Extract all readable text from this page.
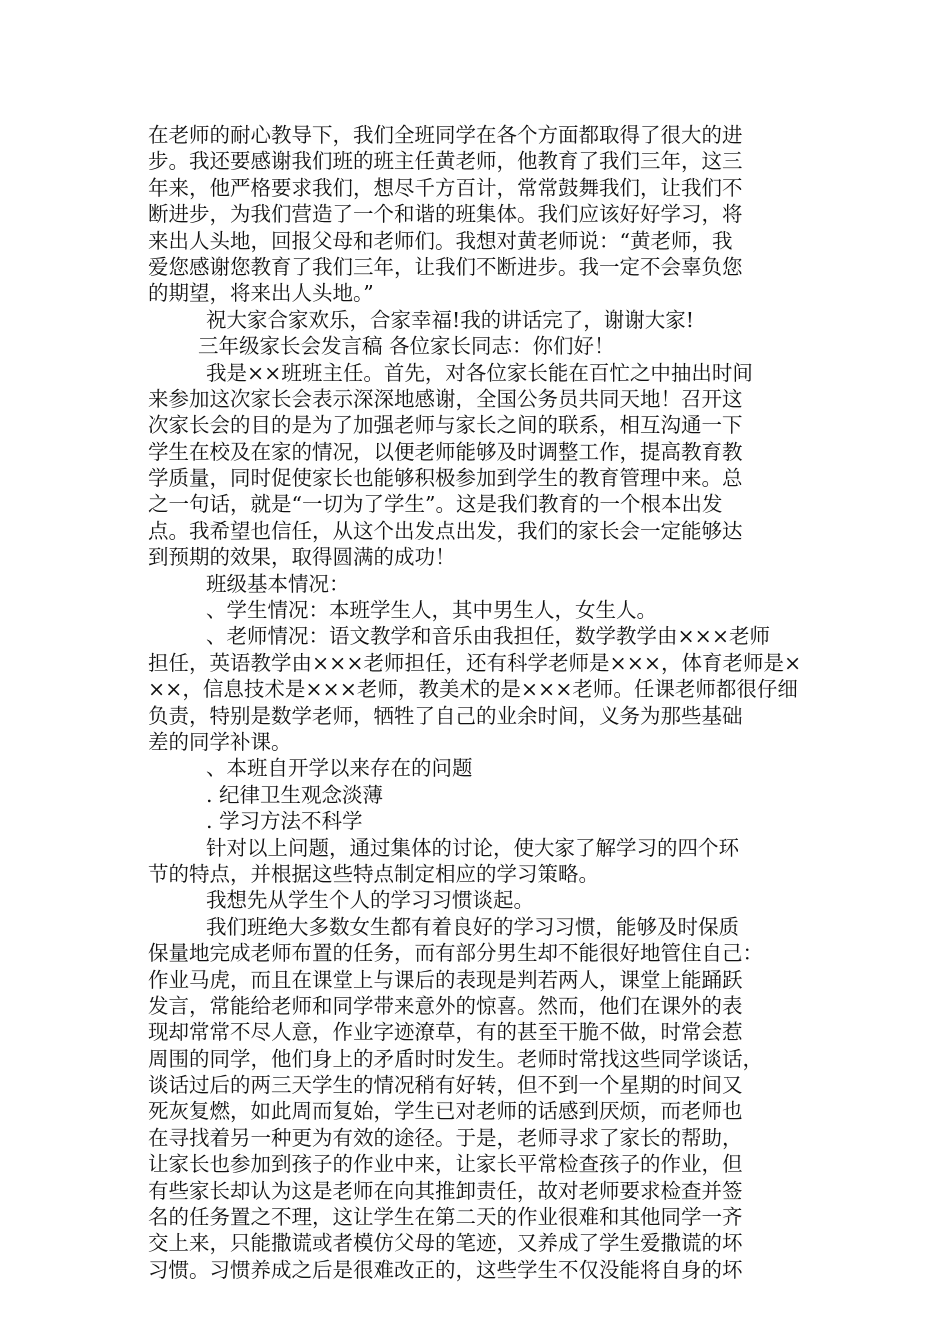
在老师的耐心教导下，我们全班同学在各个方面都取得了很大的进
步。我还要感谢我们班的班主任黄老师，他教育了我们三年，这三
年来，他严格要求我们，想尽千方百计，常常鼓舞我们，让我们不
断进步，为我们营造了一个和谐的班集体。我们应该好好学习，将
来出人头地，回报父母和老师们。我想对黄老师说：“黄老师，我
爱您感谢您教育了我们三年，让我们不断进步。我一定不会辜负您
的期望，将来出人头地。”
祝大家合家欢乐，合家幸福!我的讲话完了，谢谢大家!
三年级家长会发言稿 各位家长同志：你们好！
我是××班班主任。首先，对各位家长能在百忙之中抽出时间
来参加这次家长会表示深深地感谢，全国公务员共同天地！召开这
次家长会的目的是为了加强老师与家长之间的联系，相互沟通一下
学生在校及在家的情况，以便老师能够及时调整工作，提高教育教
学质量，同时促使家长也能够积极参加到学生的教育管理中来。总
之一句话，就是“一切为了学生”。这是我们教育的一个根本出发
点。我希望也信任，从这个出发点出发，我们的家长会一定能够达
到预期的效果，取得圆满的成功！
班级基本情况：
、学生情况：本班学生人，其中男生人，女生人。
、老师情况：语文教学和音乐由我担任，数学教学由×××老师
担任，英语教学由×××老师担任，还有科学老师是×××，体育老师是×
××，信息技术是×××老师，教美术的是×××老师。任课老师都很仔细
负责，特别是数学老师，牺牲了自己的业余时间，义务为那些基础
差的同学补课。
、本班自开学以来存在的问题
. 纪律卫生观念淡薄
. 学习方法不科学
针对以上问题，通过集体的讨论，使大家了解学习的四个环
节的特点，并根据这些特点制定相应的学习策略。
我想先从学生个人的学习习惯谈起。
我们班绝大多数女生都有着良好的学习习惯，能够及时保质
保量地完成老师布置的任务，而有部分男生却不能很好地管住自己：
作业马虎，而且在课堂上与课后的表现是判若两人，课堂上能踊跃
发言，常能给老师和同学带来意外的惊喜。然而，他们在课外的表
现却常常不尽人意，作业字迹潦草，有的甚至干脆不做，时常会惹
周围的同学，他们身上的矛盾时时发生。老师时常找这些同学谈话，
谈话过后的两三天学生的情况稍有好转，但不到一个星期的时间又
死灰复燃，如此周而复始，学生已对老师的话感到厌烦，而老师也
在寻找着另一种更为有效的途径。于是，老师寻求了家长的帮助，
让家长也参加到孩子的作业中来，让家长平常检查孩子的作业，但
有些家长却认为这是老师在向其推卸责任，故对老师要求检查并签
名的任务置之不理，这让学生在第二天的作业很难和其他同学一齐
交上来，只能撒谎或者模仿父母的笔迹，又养成了学生爱撒谎的坏
习惯。习惯养成之后是很难改正的，这些学生不仅没能将自身的坏
